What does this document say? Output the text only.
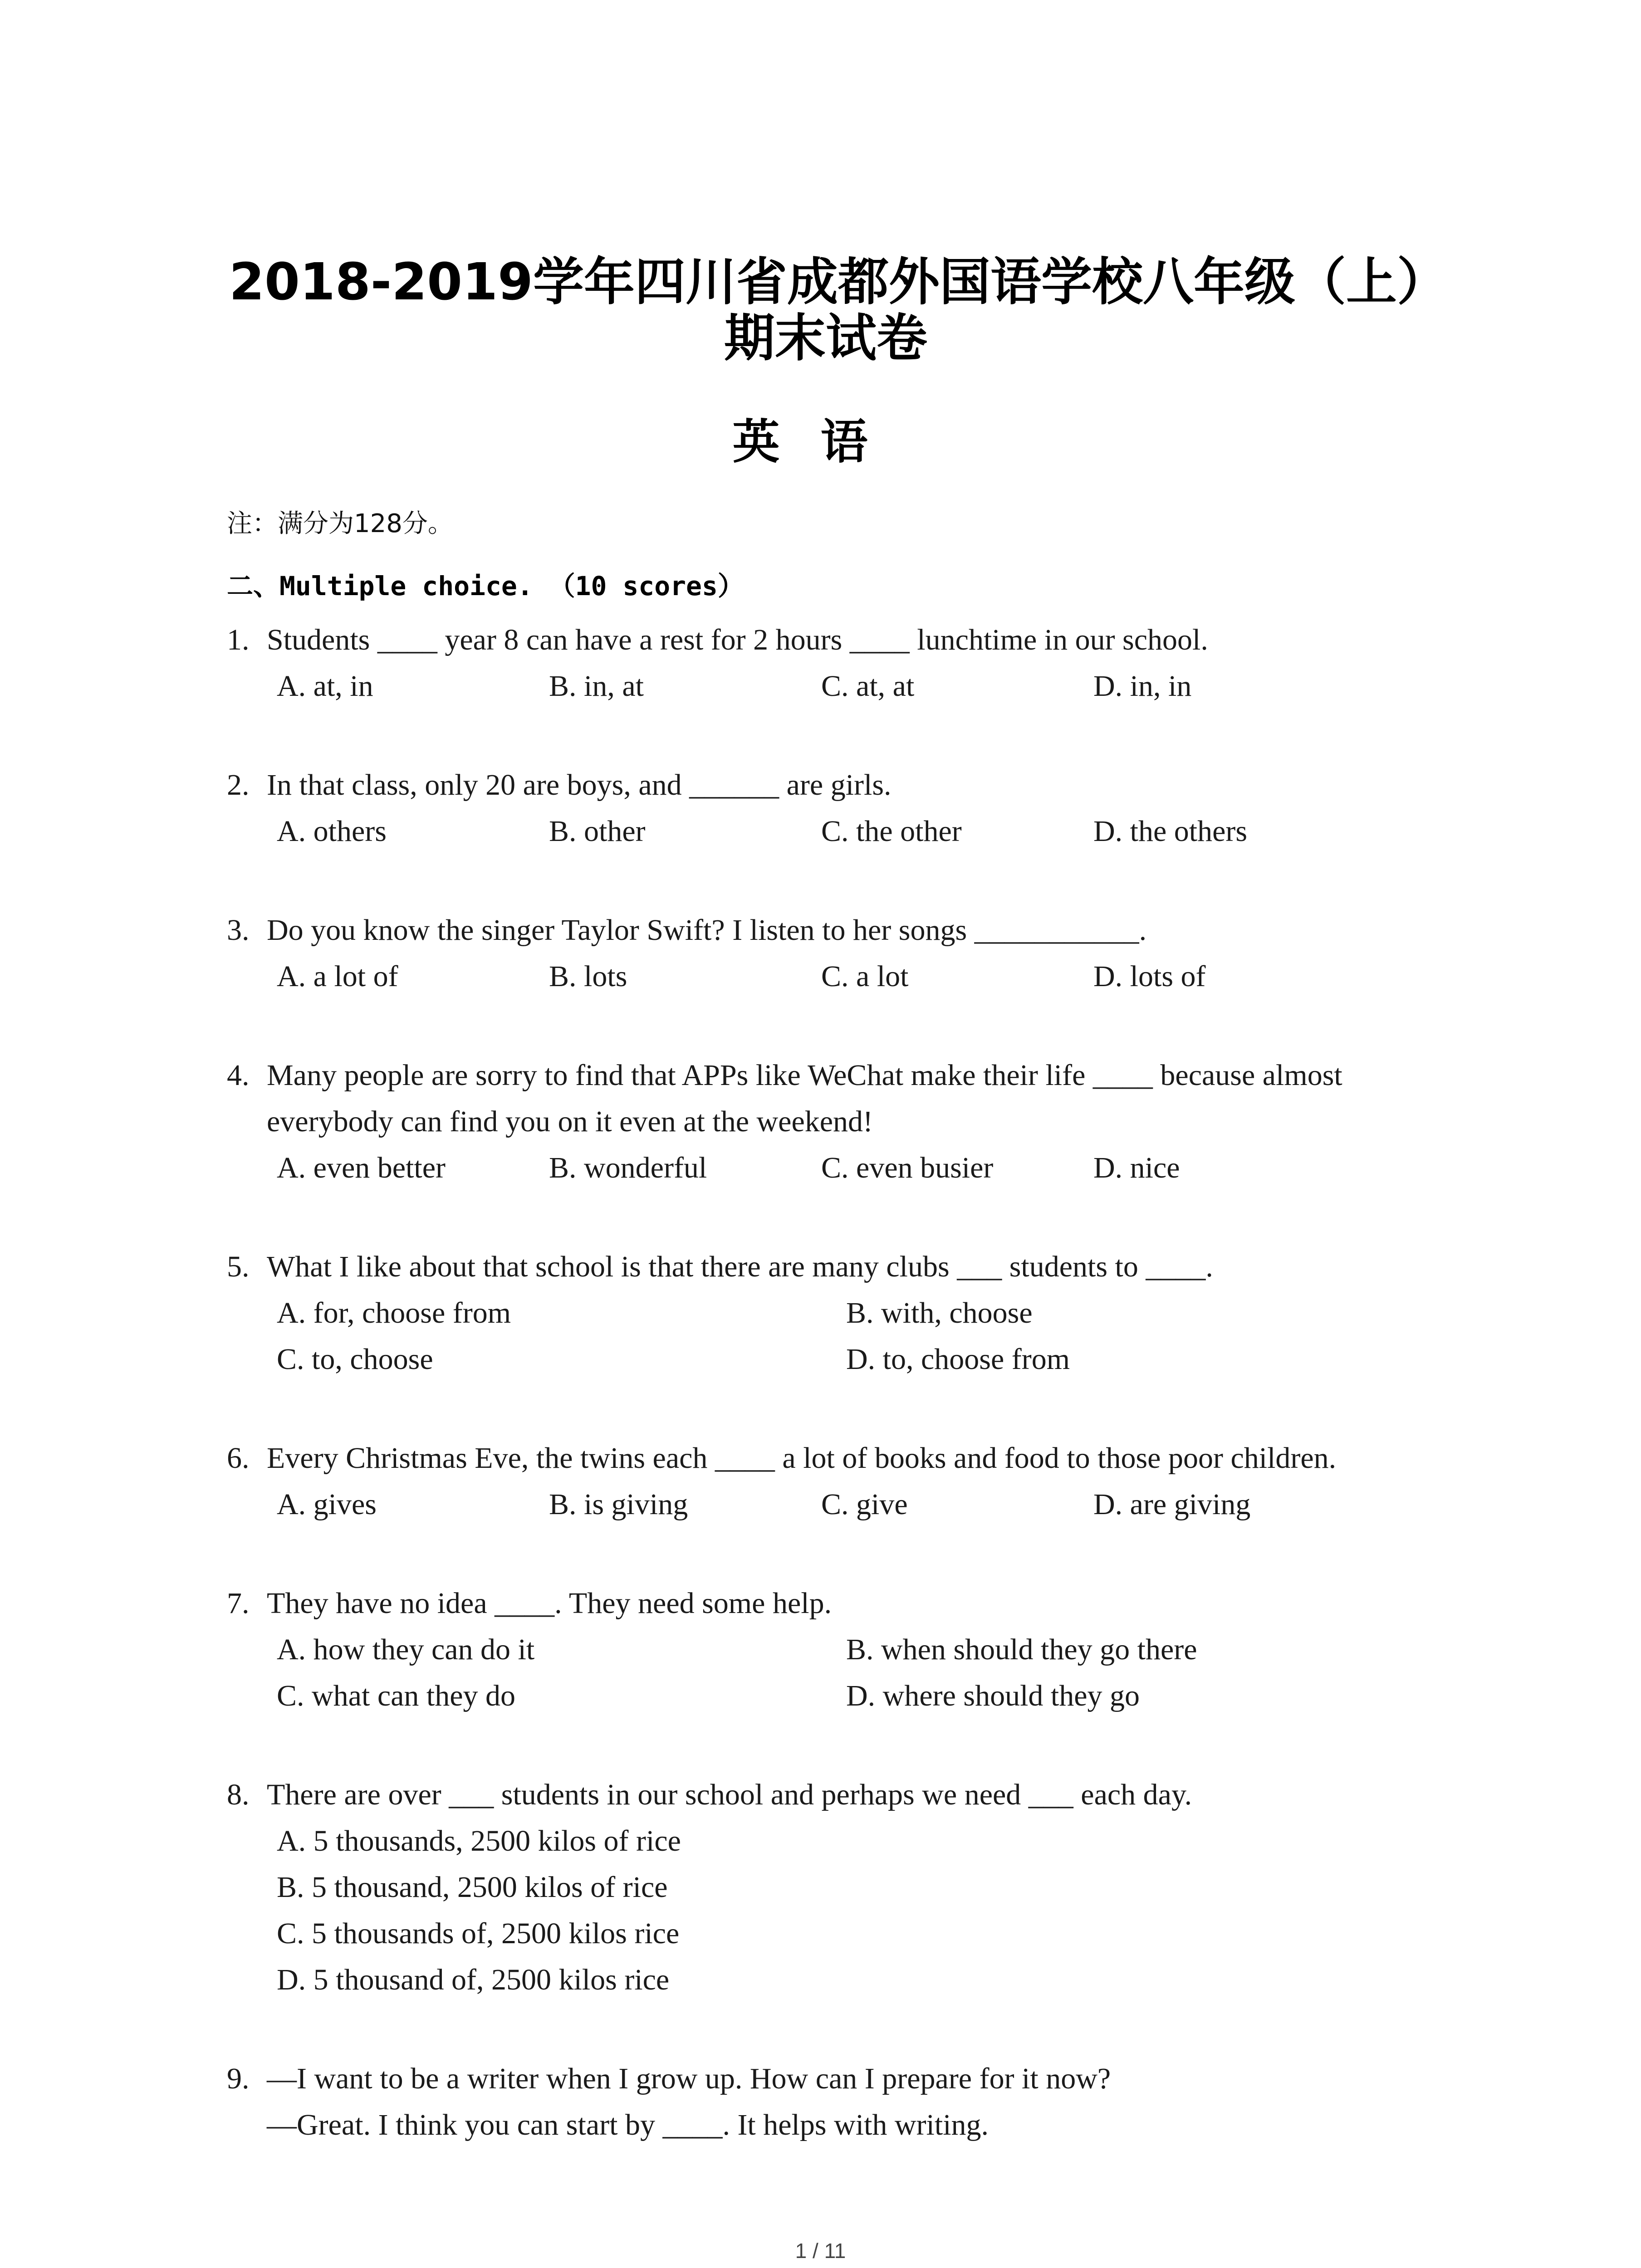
2018-2019学年四川省成都外国语学校八年级（上）期末试卷
英语
注：满分为128分。
二、Multiple choice. （10 scores）
1. Students ____ year 8 can have a rest for 2 hours ____ lunchtime in our school.
A. at, in	B. in, at	C. at, at	D. in, in
2. In that class, only 20 are boys, and ______ are girls.
A. others	B. other	C. the other	D. the others
3. Do you know the singer Taylor Swift? I listen to her songs ___________.
A. a lot of	B. lots	C. a lot	D. lots of
4. Many people are sorry to find that APPs like WeChat make their life ____ because almost everybody can find you on it even at the weekend!
A. even better	B. wonderful	C. even busier	D. nice
5. What I like about that school is that there are many clubs ___ students to ____.
A. for, choose from	B. with, choose
C. to, choose	D. to, choose from
6. Every Christmas Eve, the twins each ____ a lot of books and food to those poor children.
A. gives	B. is giving	C. give	D. are giving
7. They have no idea ____. They need some help.
A. how they can do it	B. when should they go there
C. what can they do	D. where should they go
8. There are over ___ students in our school and perhaps we need ___ each day.
A. 5 thousands, 2500 kilos of rice
B. 5 thousand, 2500 kilos of rice
C. 5 thousands of, 2500 kilos rice
D. 5 thousand of, 2500 kilos rice
9. —I want to be a writer when I grow up. How can I prepare for it now?
—Great. I think you can start by ____. It helps with writing.
1 / 11
